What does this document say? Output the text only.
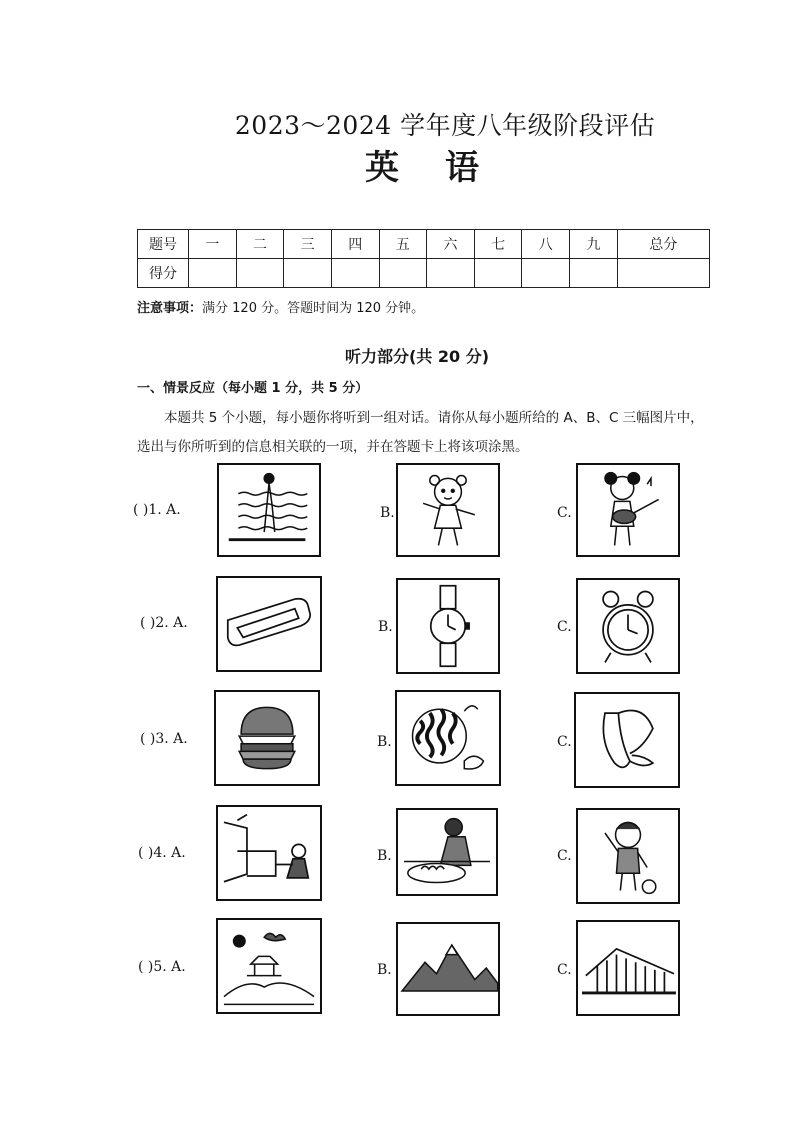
2023～2024 学年度八年级阶段评估
英语
题号	一	二	三	四	五	六	七	八	九	总分
得分										
注意事项：满分 120 分。答题时间为 120 分钟。
听力部分(共 20 分)
一、情景反应（每小题 1 分，共 5 分）
本题共 5 个小题，每小题你将听到一组对话。请你从每小题所给的 A、B、C 三幅图片中，选出与你所听到的信息相关联的一项，并在答题卡上将该项涂黑。
( )1. A.	B.	C.
( )2. A.	B.	C.
( )3. A.	B.	C.
( )4. A.	B.	C.
( )5. A.	B.	C.
